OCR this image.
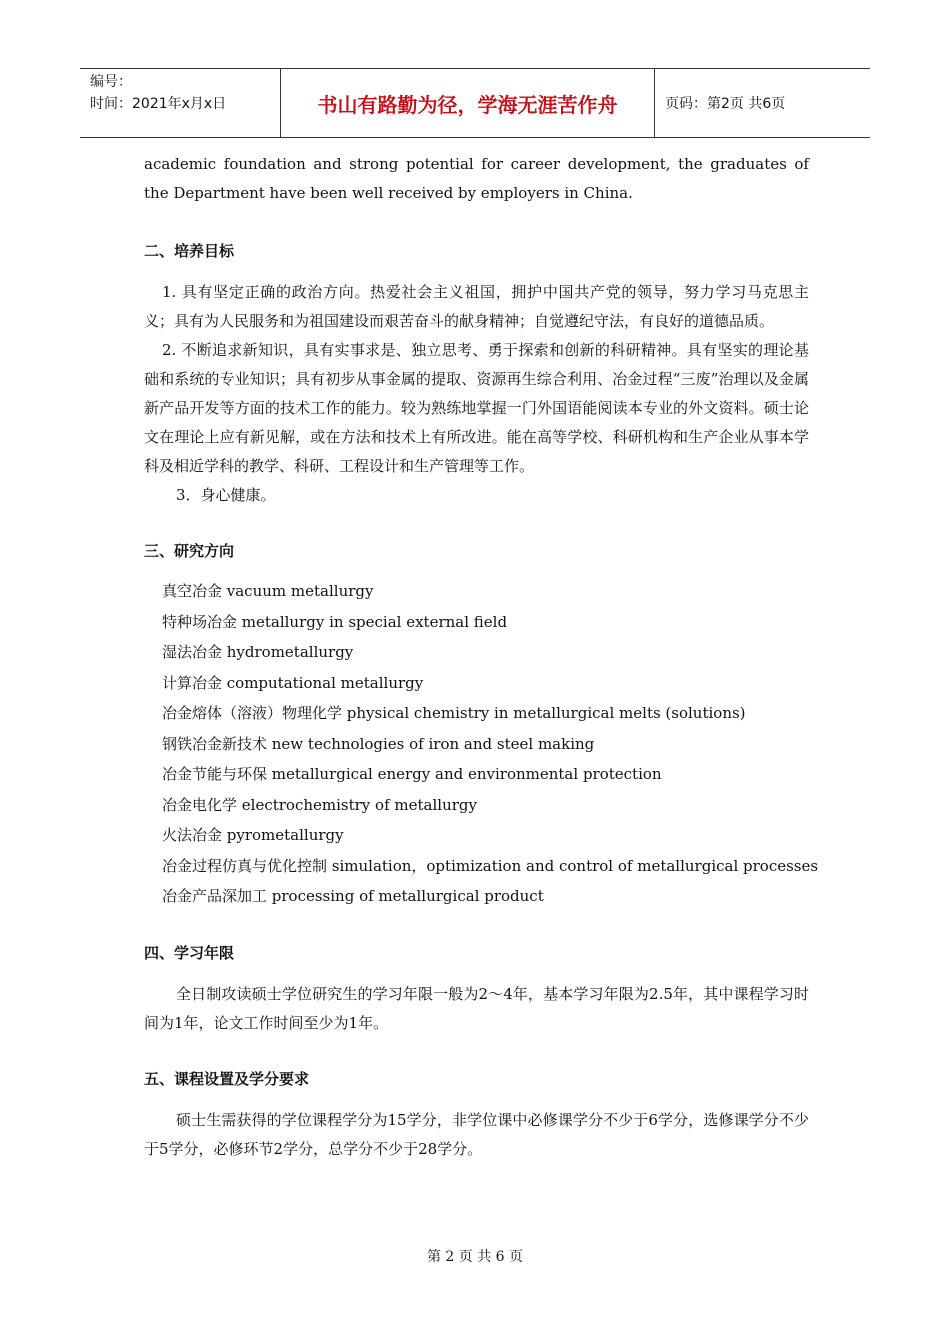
编号：
时间：2021年x月x日	书山有路勤为径，学海无涯苦作舟	页码：第2页 共6页

academic foundation and strong potential for career development, the graduates of the Department have been well received by employers in China.

二、培养目标

1. 具有坚定正确的政治方向。热爱社会主义祖国，拥护中国共产党的领导，努力学习马克思主义；具有为人民服务和为祖国建设而艰苦奋斗的献身精神；自觉遵纪守法，有良好的道德品质。

2. 不断追求新知识，具有实事求是、独立思考、勇于探索和创新的科研精神。具有坚实的理论基础和系统的专业知识；具有初步从事金属的提取、资源再生综合利用、冶金过程“三废”治理以及金属新产品开发等方面的技术工作的能力。较为熟练地掌握一门外国语能阅读本专业的外文资料。硕士论文在理论上应有新见解，或在方法和技术上有所改进。能在高等学校、科研机构和生产企业从事本学科及相近学科的教学、科研、工程设计和生产管理等工作。

3．身心健康。

三、研究方向

真空冶金 vacuum metallurgy
特种场冶金 metallurgy in special external field
湿法冶金 hydrometallurgy
计算冶金 computational metallurgy
冶金熔体（溶液）物理化学 physical chemistry in metallurgical melts (solutions)
钢铁冶金新技术 new technologies of iron and steel making
冶金节能与环保 metallurgical energy and environmental protection
冶金电化学 electrochemistry of metallurgy
火法冶金 pyrometallurgy
冶金过程仿真与优化控制 simulation，optimization and control of metallurgical processes
冶金产品深加工 processing of metallurgical product

四、学习年限

全日制攻读硕士学位研究生的学习年限一般为2～4年，基本学习年限为2.5年，其中课程学习时间为1年，论文工作时间至少为1年。

五、课程设置及学分要求

硕士生需获得的学位课程学分为15学分，非学位课中必修课学分不少于6学分，选修课学分不少于5学分，必修环节2学分，总学分不少于28学分。

第 2 页 共 6 页
